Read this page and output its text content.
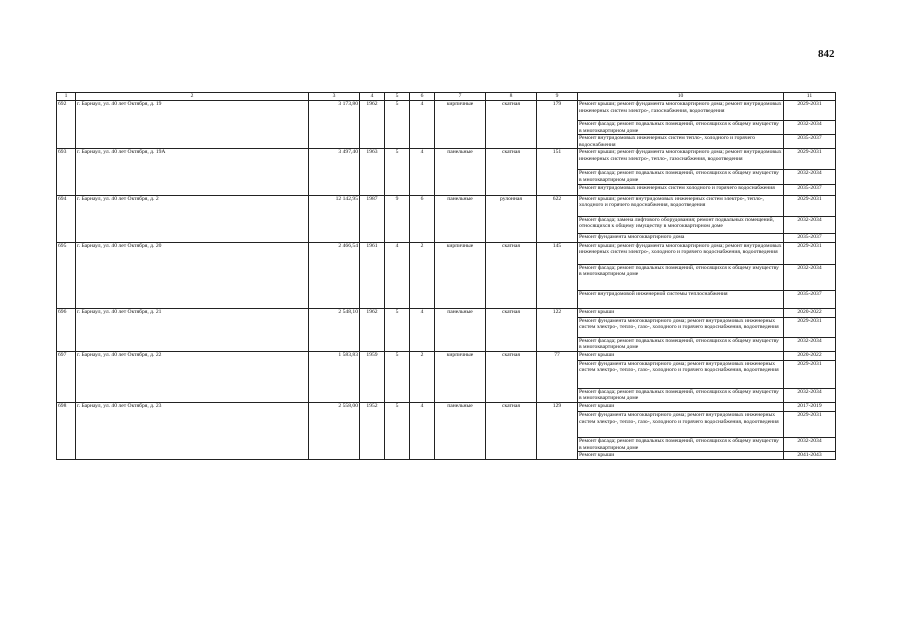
842
1	2	3	4	5	6	7	8	9	10	11
692	г. Барнаул, ул. 40 лет Октября, д. 19	3 173,80	1962	5	4	кирпичные	скатная	179	Ремонт крыши; ремонт фундамента многоквартирного дома; ремонт внутридомовых инженерных систем электро-, газоснабжения, водоотведения	2029-2031
									Ремонт фасада; ремонт подвальных помещений, относящихся к общему имуществу в многоквартирном доме	2032-2034
									Ремонт внутридомовых инженерных систем тепло-, холодного и горячего водоснабжения	2035-2037
693	г. Барнаул, ул. 40 лет Октября, д. 19А	3 497,40	1963	5	4	панельные	скатная	151	Ремонт крыши; ремонт фундамента многоквартирного дома; ремонт внутридомовых инженерных систем электро-, тепло-, газоснабжения, водоотведения	2029-2031
									Ремонт фасада; ремонт подвальных помещений, относящихся к общему имуществу в многоквартирном доме	2032-2034
									Ремонт внутридомовых инженерных систем холодного и горячего водоснабжения	2035-2037
694	г. Барнаул, ул. 40 лет Октября, д. 2	12 142,95	1987	9	6	панельные	рулонная	622	Ремонт крыши; ремонт внутридомовых инженерных систем электро-, тепло-, холодного и горячего водоснабжения, водоотведения	2029-2031
									Ремонт фасада; замена лифтового оборудования; ремонт подвальных помещений, относящихся к общему имуществу в многоквартирном доме	2032-2034
									Ремонт фундамента многоквартирного дома	2035-2037
695	г. Барнаул, ул. 40 лет Октября, д. 20	2 466,54	1961	4	2	кирпичные	скатная	145	Ремонт крыши; ремонт фундамента многоквартирного дома; ремонт внутридомовых инженерных систем электро-, холодного и горячего водоснабжения, водоотведения	2029-2031
									Ремонт фасада; ремонт подвальных помещений, относящихся к общему имуществу в многоквартирном доме	2032-2034
									Ремонт внутридомовой инженерной системы теплоснабжения	2035-2037
696	г. Барнаул, ул. 40 лет Октября, д. 21	2 548,10	1962	5	4	панельные	скатная	122	Ремонт крыши	2020-2022
									Ремонт фундамента многоквартирного дома; ремонт внутридомовых инженерных систем электро-, тепло-, газо-, холодного и горячего водоснабжения, водоотведения	2029-2031
									Ремонт фасада; ремонт подвальных помещений, относящихся к общему имуществу в многоквартирном доме	2032-2034
697	г. Барнаул, ул. 40 лет Октября, д. 22	1 583,83	1959	5	2	кирпичные	скатная	77	Ремонт крыши	2020-2022
									Ремонт фундамента многоквартирного дома; ремонт внутридомовых инженерных систем электро-, тепло-, газо-, холодного и горячего водоснабжения, водоотведения	2029-2031
									Ремонт фасада; ремонт подвальных помещений, относящихся к общему имуществу в многоквартирном доме	2032-2034
698	г. Барнаул, ул. 40 лет Октября, д. 23	2 558,00	1952	5	4	панельные	скатная	129	Ремонт крыши	2017-2019
									Ремонт фундамента многоквартирного дома; ремонт внутридомовых инженерных систем электро-, тепло-, газо-, холодного и горячего водоснабжения, водоотведения	2029-2031
									Ремонт фасада; ремонт подвальных помещений, относящихся к общему имуществу в многоквартирном доме	2032-2034
									Ремонт крыши	2041-2043
